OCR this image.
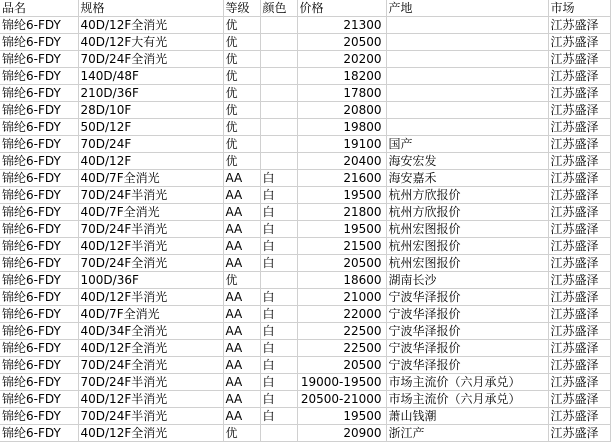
品名	规格	等级	颜色	价格	产地	市场
锦纶6-FDY	40D/12F全消光	优		21300		江苏盛泽
锦纶6-FDY	40D/12F大有光	优		20500		江苏盛泽
锦纶6-FDY	70D/24F全消光	优		20200		江苏盛泽
锦纶6-FDY	140D/48F	优		18200		江苏盛泽
锦纶6-FDY	210D/36F	优		17800		江苏盛泽
锦纶6-FDY	28D/10F	优		20800		江苏盛泽
锦纶6-FDY	50D/12F	优		19800		江苏盛泽
锦纶6-FDY	70D/24F	优		19100	国产	江苏盛泽
锦纶6-FDY	40D/12F	优		20400	海安宏发	江苏盛泽
锦纶6-FDY	40D/7F全消光	AA	白	21600	海安嘉禾	江苏盛泽
锦纶6-FDY	70D/24F半消光	AA	白	19500	杭州方欣报价	江苏盛泽
锦纶6-FDY	40D/7F全消光	AA	白	21800	杭州方欣报价	江苏盛泽
锦纶6-FDY	70D/24F半消光	AA	白	19500	杭州宏图报价	江苏盛泽
锦纶6-FDY	40D/12F半消光	AA	白	21500	杭州宏图报价	江苏盛泽
锦纶6-FDY	70D/24F全消光	AA	白	20500	杭州宏图报价	江苏盛泽
锦纶6-FDY	100D/36F	优		18600	湖南长沙	江苏盛泽
锦纶6-FDY	40D/12F半消光	AA	白	21000	宁波华泽报价	江苏盛泽
锦纶6-FDY	40D/7F全消光	AA	白	22000	宁波华泽报价	江苏盛泽
锦纶6-FDY	40D/34F全消光	AA	白	22500	宁波华泽报价	江苏盛泽
锦纶6-FDY	40D/12F全消光	AA	白	22500	宁波华泽报价	江苏盛泽
锦纶6-FDY	70D/24F全消光	AA	白	20500	宁波华泽报价	江苏盛泽
锦纶6-FDY	70D/24F半消光	AA	白	19000-19500	市场主流价（六月承兑）	江苏盛泽
锦纶6-FDY	40D/12F半消光	AA	白	20500-21000	市场主流价（六月承兑）	江苏盛泽
锦纶6-FDY	70D/24F半消光	AA	白	19500	萧山钱潮	江苏盛泽
锦纶6-FDY	40D/12F全消光	优		20900	浙江产	江苏盛泽
